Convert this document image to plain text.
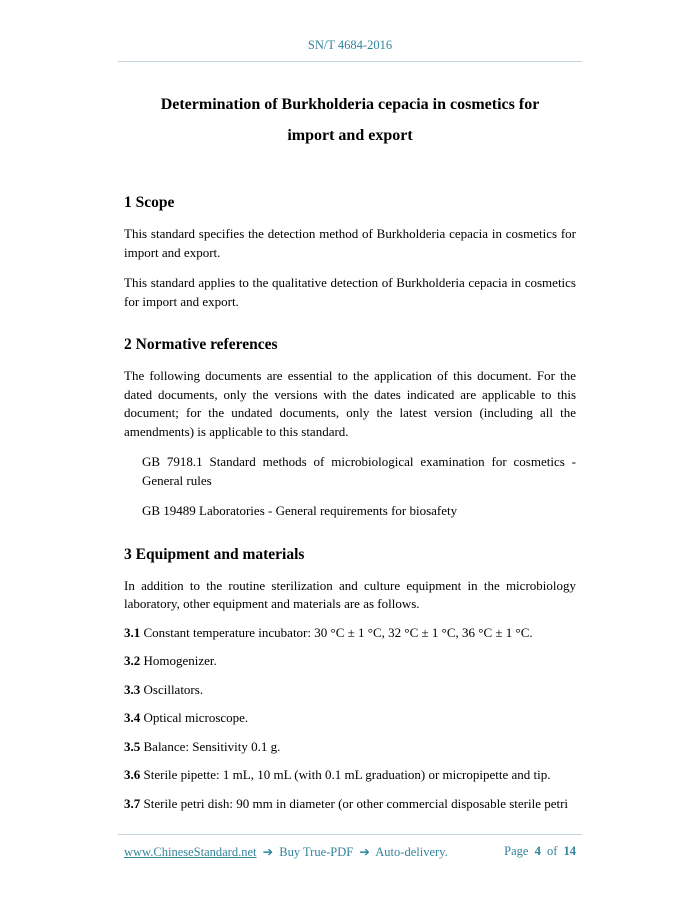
SN/T 4684-2016
Determination of Burkholderia cepacia in cosmetics for
import and export
1 Scope

This standard specifies the detection method of Burkholderia cepacia in cosmetics for import and export.

This standard applies to the qualitative detection of Burkholderia cepacia in cosmetics for import and export.

2 Normative references

The following documents are essential to the application of this document. For the dated documents, only the versions with the dates indicated are applicable to this document; for the undated documents, only the latest version (including all the amendments) is applicable to this standard.

GB 7918.1 Standard methods of microbiological examination for cosmetics - General rules

GB 19489 Laboratories - General requirements for biosafety

3 Equipment and materials

In addition to the routine sterilization and culture equipment in the microbiology laboratory, other equipment and materials are as follows.

3.1 Constant temperature incubator: 30 °C ± 1 °C, 32 °C ± 1 °C, 36 °C ± 1 °C.

3.2 Homogenizer.

3.3 Oscillators.

3.4 Optical microscope.

3.5 Balance: Sensitivity 0.1 g.

3.6 Sterile pipette: 1 mL, 10 mL (with 0.1 mL graduation) or micropipette and tip.

3.7 Sterile petri dish: 90 mm in diameter (or other commercial disposable sterile petri

www.ChineseStandard.net ➔ Buy True-PDF ➔ Auto-delivery.	Page 4 of 14
